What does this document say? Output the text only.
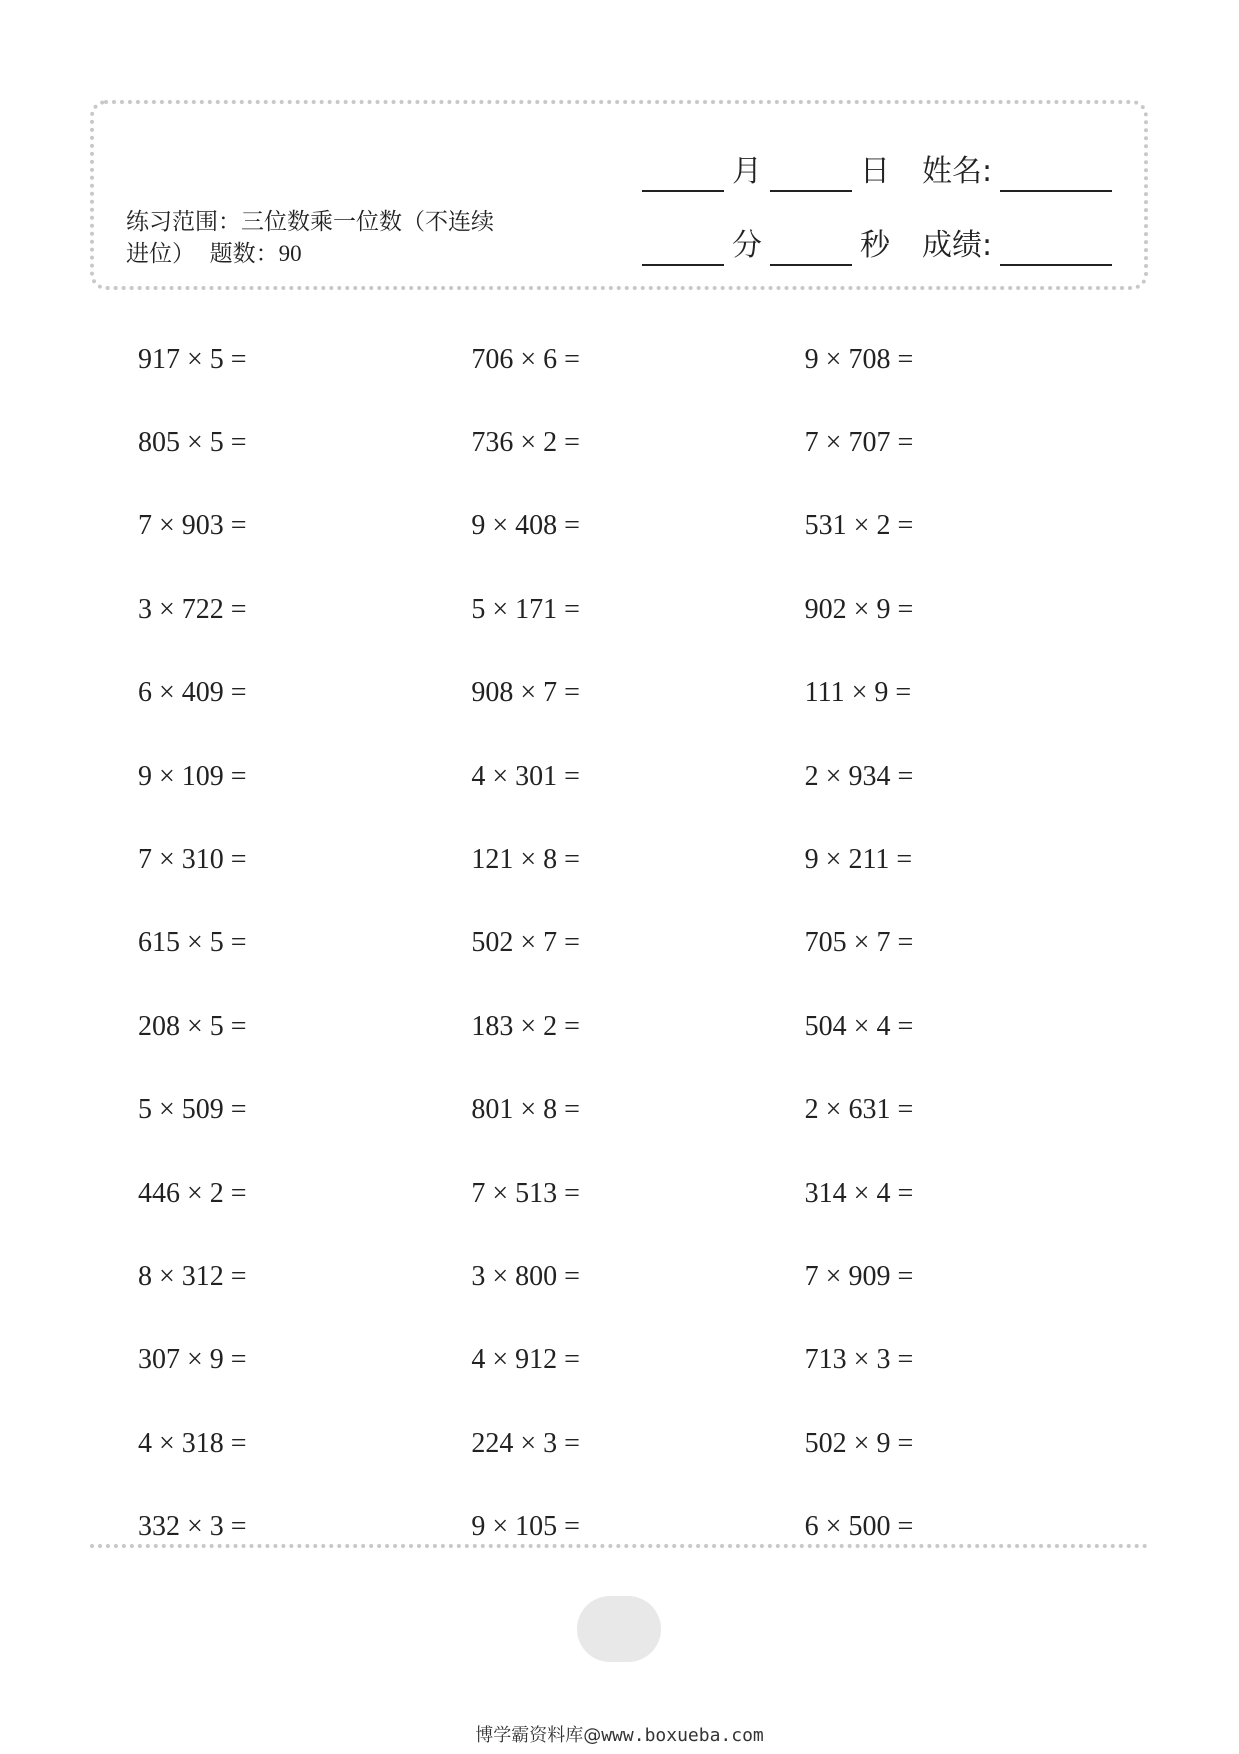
月	日 姓名:
分	秒 成绩:
练习范围：三位数乘一位数（不连续进位） 题数：90
917 × 5 =	706 × 6 =	9 × 708 =
805 × 5 =	736 × 2 =	7 × 707 =
7 × 903 =	9 × 408 =	531 × 2 =
3 × 722 =	5 × 171 =	902 × 9 =
6 × 409 =	908 × 7 =	111 × 9 =
9 × 109 =	4 × 301 =	2 × 934 =
7 × 310 =	121 × 8 =	9 × 211 =
615 × 5 =	502 × 7 =	705 × 7 =
208 × 5 =	183 × 2 =	504 × 4 =
5 × 509 =	801 × 8 =	2 × 631 =
446 × 2 =	7 × 513 =	314 × 4 =
8 × 312 =	3 × 800 =	7 × 909 =
307 × 9 =	4 × 912 =	713 × 3 =
4 × 318 =	224 × 3 =	502 × 9 =
332 × 3 =	9 × 105 =	6 × 500 =
博学霸资料库@www.boxueba.com
